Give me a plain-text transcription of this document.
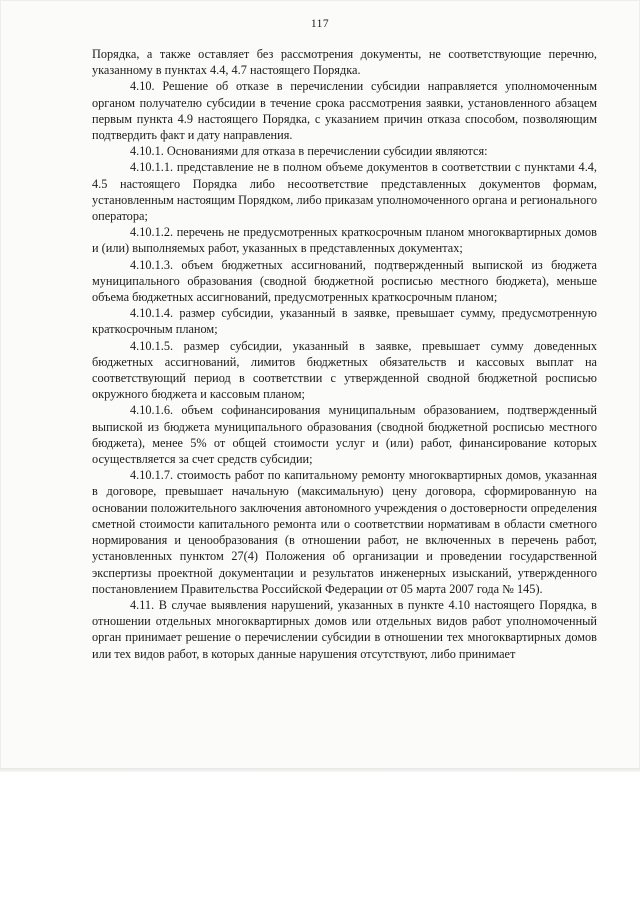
117

Порядка, а также оставляет без рассмотрения документы, не соответствующие перечню, указанному в пунктах 4.4, 4.7 настоящего Порядка.

4.10. Решение об отказе в перечислении субсидии направляется уполномоченным органом получателю субсидии в течение срока рассмотрения заявки, установленного абзацем первым пункта 4.9 настоящего Порядка, с указанием причин отказа способом, позволяющим подтвердить факт и дату направления.

4.10.1. Основаниями для отказа в перечислении субсидии являются:

4.10.1.1. представление не в полном объеме документов в соответствии с пунктами 4.4, 4.5 настоящего Порядка либо несоответствие представленных документов формам, установленным настоящим Порядком, либо приказам уполномоченного органа и регионального оператора;

4.10.1.2. перечень не предусмотренных краткосрочным планом многоквартирных домов и (или) выполняемых работ, указанных в представленных документах;

4.10.1.3. объем бюджетных ассигнований, подтвержденный выпиской из бюджета муниципального образования (сводной бюджетной росписью местного бюджета), меньше объема бюджетных ассигнований, предусмотренных краткосрочным планом;

4.10.1.4. размер субсидии, указанный в заявке, превышает сумму, предусмотренную краткосрочным планом;

4.10.1.5. размер субсидии, указанный в заявке, превышает сумму доведенных бюджетных ассигнований, лимитов бюджетных обязательств и кассовых выплат на соответствующий период в соответствии с утвержденной сводной бюджетной росписью окружного бюджета и кассовым планом;

4.10.1.6. объем софинансирования муниципальным образованием, подтвержденный выпиской из бюджета муниципального образования (сводной бюджетной росписью местного бюджета), менее 5% от общей стоимости услуг и (или) работ, финансирование которых осуществляется за счет средств субсидии;

4.10.1.7. стоимость работ по капитальному ремонту многоквартирных домов, указанная в договоре, превышает начальную (максимальную) цену договора, сформированную на основании положительного заключения автономного учреждения о достоверности определения сметной стоимости капитального ремонта или о соответствии нормативам в области сметного нормирования и ценообразования (в отношении работ, не включенных в перечень работ, установленных пунктом 27(4) Положения об организации и проведении государственной экспертизы проектной документации и результатов инженерных изысканий, утвержденного постановлением Правительства Российской Федерации от 05 марта 2007 года № 145).

4.11. В случае выявления нарушений, указанных в пункте 4.10 настоящего Порядка, в отношении отдельных многоквартирных домов или отдельных видов работ уполномоченный орган принимает решение о перечислении субсидии в отношении тех многоквартирных домов или тех видов работ, в которых данные нарушения отсутствуют, либо принимает
